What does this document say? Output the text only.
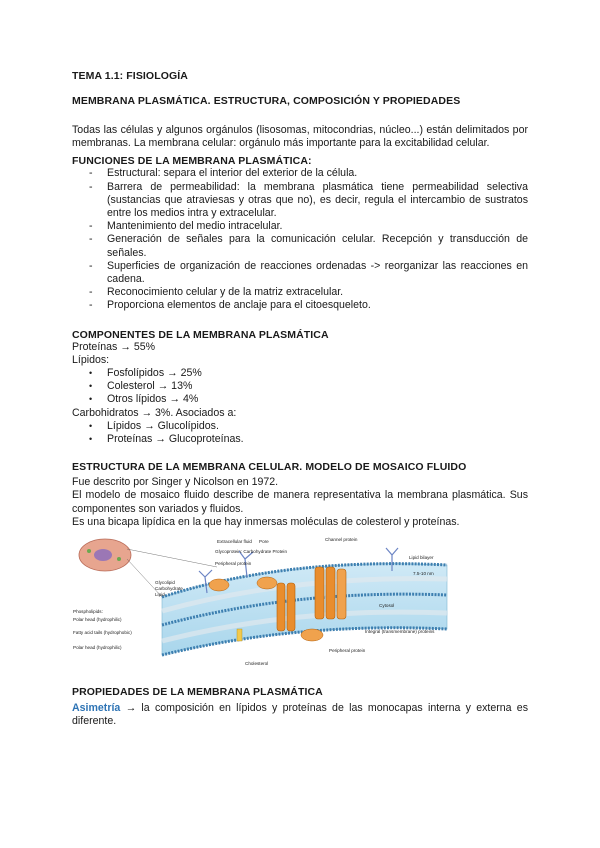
TEMA 1.1: FISIOLOGÍA

MEMBRANA PLASMÁTICA. ESTRUCTURA, COMPOSICIÓN Y PROPIEDADES

Todas las células y algunos orgánulos (lisosomas, mitocondrias, núcleo...) están delimitados por membranas. La membrana celular: orgánulo más importante para la excitabilidad celular.

FUNCIONES DE LA MEMBRANA PLASMÁTICA:

- Estructural: separa el interior del exterior de la célula.
- Barrera de permeabilidad: la membrana plasmática tiene permeabilidad selectiva (sustancias que atraviesas y otras que no), es decir, regula el intercambio de sustratos entre los medios intra y extracelular.
- Mantenimiento del medio intracelular.
- Generación de señales para la comunicación celular. Recepción y transducción de señales.
- Superficies de organización de reacciones ordenadas -> reorganizar las reacciones en cadena.
- Reconocimiento celular y de la matriz extracelular.
- Proporciona elementos de anclaje para el citoesqueleto.

COMPONENTES DE LA MEMBRANA PLASMÁTICA

Proteínas → 55%

Lípidos:

• Fosfolípidos → 25%
• Colesterol → 13%
• Otros lípidos → 4%

Carbohidratos → 3%. Asociados a:

• Lípidos → Glucolípidos.
• Proteínas → Glucoproteínas.

ESTRUCTURA DE LA MEMBRANA CELULAR. MODELO DE MOSAICO FLUIDO

Fue descrito por Singer y Nicolson en 1972.

El modelo de mosaico fluido describe de manera representativa la membrana plasmática. Sus componentes son variados y fluidos.

Es una bicapa lipídica en la que hay inmersas moléculas de colesterol y proteínas.

Extracellular fluid Pore	Channel protein
Glycoprotein: Carbohydrate Protein
Peripheral protein
Glycolipid
Carbohydrate
Lipid
Phospholipids:
Polar head (hydrophilic)
Fatty acid tails (hydrophobic)
Polar head (hydrophilic)
Lipid bilayer
7.5-10 nm
Cytosol
Integral (transmembrane) proteins
Peripheral protein
Cholesterol

PROPIEDADES DE LA MEMBRANA PLASMÁTICA

Asimetría → la composición en lípidos y proteínas de las monocapas interna y externa es diferente.
